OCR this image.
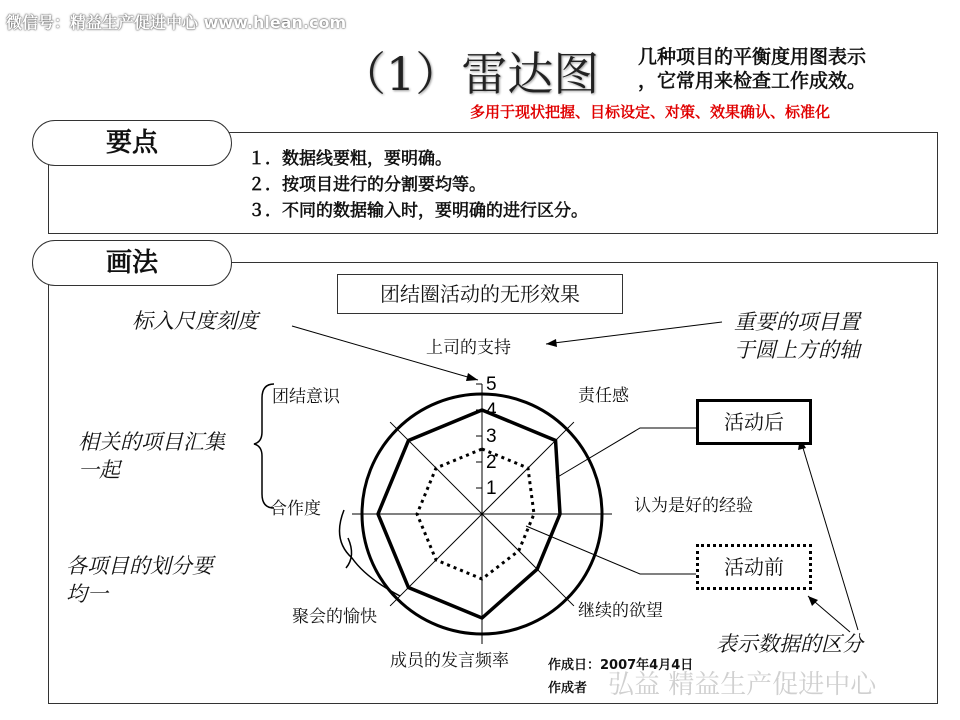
微信号：精益生产促进中心 www.hlean.com
（1）雷达图 几种项目的平衡度用图表示
，它常用来检查工作成效。
多用于现状把握、目标设定、对策、效果确认、标准化
要点
１．数据线要粗，要明确。
２．按项目进行的分割要均等。
３．不同的数据输入时，要明确的进行区分。
画法
团结圈活动的无形效果
1
2
3
4
5
上司的支持
责任感
认为是好的经验
继续的欲望
成员的发言频率
聚会的愉快
合作度
团结意识
标入尺度刻度	重要的项目置
于圆上方的轴
相关的项目汇集
一起
各项目的划分要
均一
表示数据的区分
活动后
活动前
作成日：2007年4月4日
作成者 弘益 精益生产促进中心
